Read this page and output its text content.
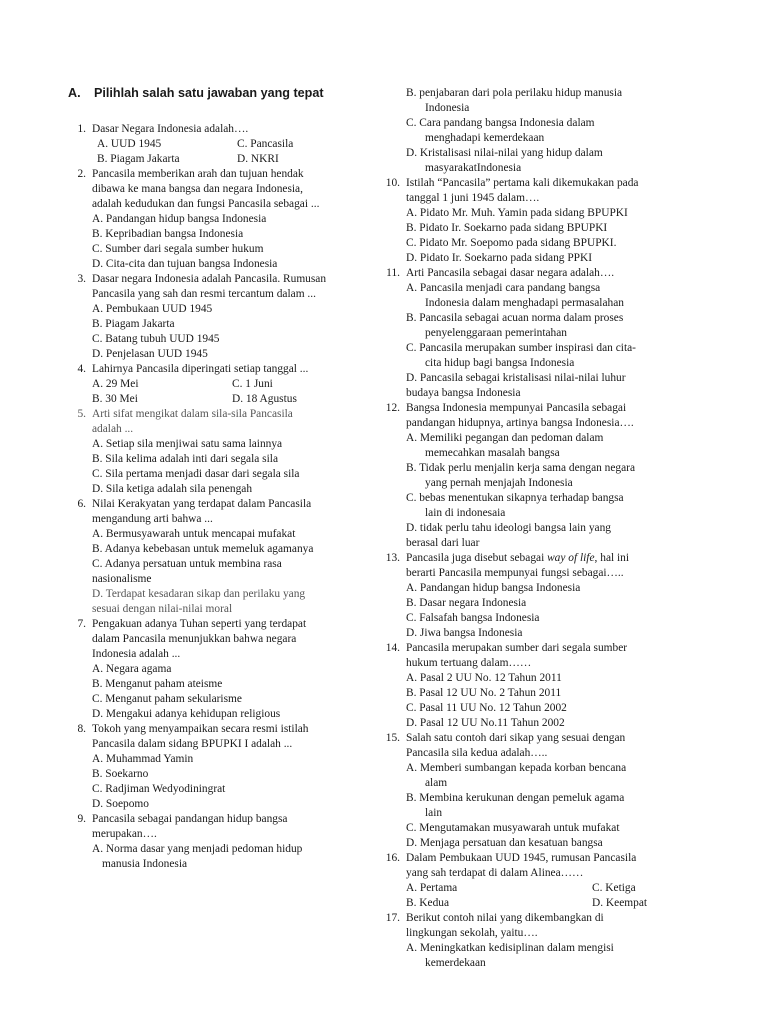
A. Pilihlah salah satu jawaban yang tepat
1. Dasar Negara Indonesia adalah….
A. UUD 1945	C. Pancasila
B. Piagam Jakarta	D. NKRI
2. Pancasila memberikan arah dan tujuan hendak
dibawa ke mana bangsa dan negara Indonesia,
adalah kedudukan dan fungsi Pancasila sebagai ...
A. Pandangan hidup bangsa Indonesia
B. Kepribadian bangsa Indonesia
C. Sumber dari segala sumber hukum
D. Cita-cita dan tujuan bangsa Indonesia
3. Dasar negara Indonesia adalah Pancasila. Rumusan
Pancasila yang sah dan resmi tercantum dalam ...
A. Pembukaan UUD 1945
B. Piagam Jakarta
C. Batang tubuh UUD 1945
D. Penjelasan UUD 1945
4. Lahirnya Pancasila diperingati setiap tanggal ...
A. 29 Mei	C. 1 Juni
B. 30 Mei	D. 18 Agustus
5. Arti sifat mengikat dalam sila-sila Pancasila
adalah ...
A. Setiap sila menjiwai satu sama lainnya
B. Sila kelima adalah inti dari segala sila
C. Sila pertama menjadi dasar dari segala sila
D. Sila ketiga adalah sila penengah
6. Nilai Kerakyatan yang terdapat dalam Pancasila
mengandung arti bahwa ...
A. Bermusyawarah untuk mencapai mufakat
B. Adanya kebebasan untuk memeluk agamanya
C. Adanya persatuan untuk membina rasa
nasionalisme
D. Terdapat kesadaran sikap dan perilaku yang
sesuai dengan nilai-nilai moral
7. Pengakuan adanya Tuhan seperti yang terdapat
dalam Pancasila menunjukkan bahwa negara
Indonesia adalah ...
A. Negara agama
B. Menganut paham ateisme
C. Menganut paham sekularisme
D. Mengakui adanya kehidupan religious
8. Tokoh yang menyampaikan secara resmi istilah
Pancasila dalam sidang BPUPKI I adalah ...
A. Muhammad Yamin
B. Soekarno
C. Radjiman Wedyodiningrat
D. Soepomo
9. Pancasila sebagai pandangan hidup bangsa
merupakan….
A. Norma dasar yang menjadi pedoman hidup
manusia Indonesia
B. penjabaran dari pola perilaku hidup manusia
Indonesia
C. Cara pandang bangsa Indonesia dalam
menghadapi kemerdekaan
D. Kristalisasi nilai-nilai yang hidup dalam
masyarakatIndonesia
10. Istilah “Pancasila” pertama kali dikemukakan pada
tanggal 1 juni 1945 dalam….
A. Pidato Mr. Muh. Yamin pada sidang BPUPKI
B. Pidato Ir. Soekarno pada sidang BPUPKI
C. Pidato Mr. Soepomo pada sidang BPUPKI.
D. Pidato Ir. Soekarno pada sidang PPKI
11. Arti Pancasila sebagai dasar negara adalah….
A. Pancasila menjadi cara pandang bangsa
Indonesia dalam menghadapi permasalahan
B. Pancasila sebagai acuan norma dalam proses
penyelenggaraan pemerintahan
C. Pancasila merupakan sumber inspirasi dan cita-
cita hidup bagi bangsa Indonesia
D. Pancasila sebagai kristalisasi nilai-nilai luhur
budaya bangsa Indonesia
12. Bangsa Indonesia mempunyai Pancasila sebagai
pandangan hidupnya, artinya bangsa Indonesia….
A. Memiliki pegangan dan pedoman dalam
memecahkan masalah bangsa
B. Tidak perlu menjalin kerja sama dengan negara
yang pernah menjajah Indonesia
C. bebas menentukan sikapnya terhadap bangsa
lain di indonesaia
D. tidak perlu tahu ideologi bangsa lain yang
berasal dari luar
13. Pancasila juga disebut sebagai way of life, hal ini
berarti Pancasila mempunyai fungsi sebagai…..
A. Pandangan hidup bangsa Indonesia
B. Dasar negara Indonesia
C. Falsafah bangsa Indonesia
D. Jiwa bangsa Indonesia
14. Pancasila merupakan sumber dari segala sumber
hukum tertuang dalam……
A. Pasal 2 UU No. 12 Tahun 2011
B. Pasal 12 UU No. 2 Tahun 2011
C. Pasal 11 UU No. 12 Tahun 2002
D. Pasal 12 UU No.11 Tahun 2002
15. Salah satu contoh dari sikap yang sesuai dengan
Pancasila sila kedua adalah…..
A. Memberi sumbangan kepada korban bencana
alam
B. Membina kerukunan dengan pemeluk agama
lain
C. Mengutamakan musyawarah untuk mufakat
D. Menjaga persatuan dan kesatuan bangsa
16. Dalam Pembukaan UUD 1945, rumusan Pancasila
yang sah terdapat di dalam Alinea……
A. Pertama	C. Ketiga
B. Kedua	D. Keempat
17. Berikut contoh nilai yang dikembangkan di
lingkungan sekolah, yaitu….
A. Meningkatkan kedisiplinan dalam mengisi
kemerdekaan
